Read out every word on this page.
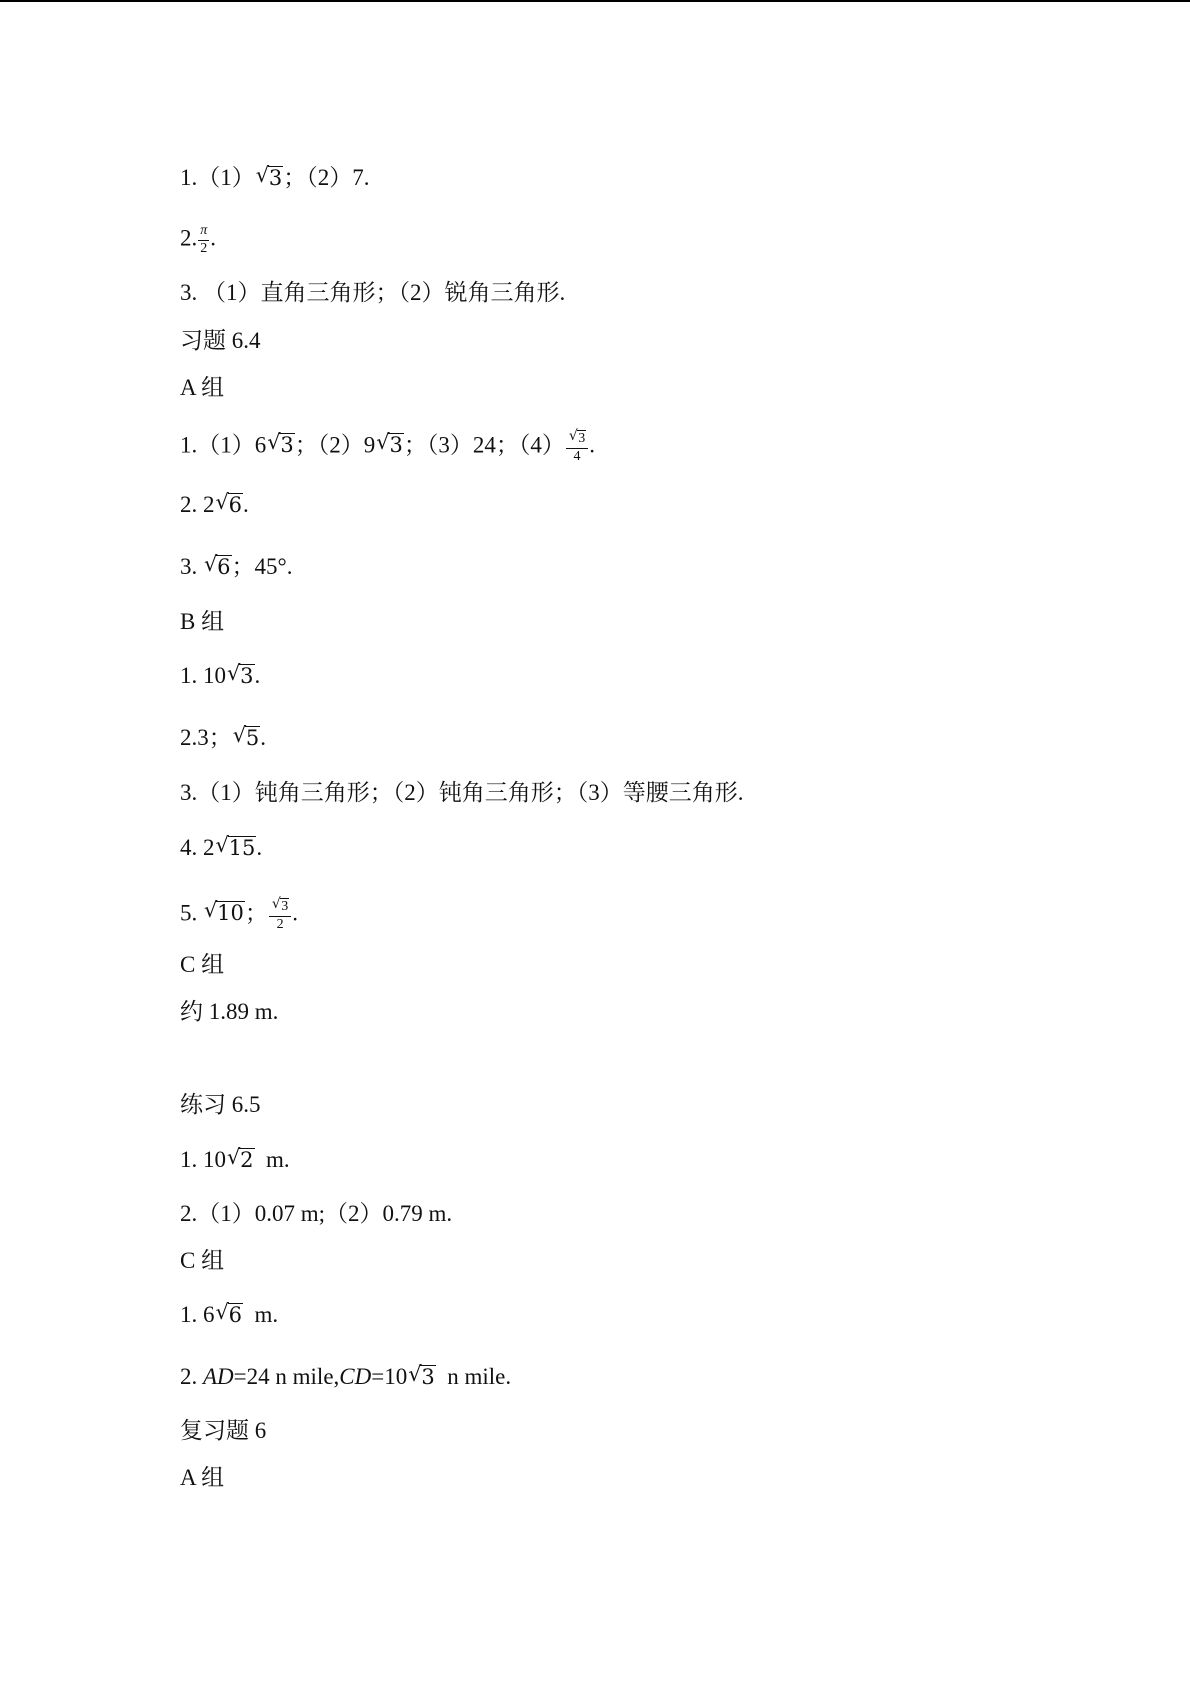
1.（1） √ 3；（2）7.
2. $\frac{\pi}{2}$ .
3. （1）直角三角形；（2）锐角三角形.
习题 6.4
A 组
1.（1）6 √ 3；（2）9 √ 3；（3）24；（4） √ $\frac{3}{4}$ .
2. 2 √ 6.
3. √ 6；45°.
B 组
1. 10 √ 3.
2.3； √ 5.
3.（1）钝角三角形；（2）钝角三角形；（3）等腰三角形.
4. 2 √ 15.
5. √ 10； √ $\frac{3}{2}$ .
C 组
约 1.89 m.
练习 6.5
1. 10 √ 2  m.
2.（1）0.07 m;（2）0.79 m.
C 组
1. 6 √ 6  m.
2. AD=24 n mile,CD=10 √ 3  n mile.
复习题 6
A 组
